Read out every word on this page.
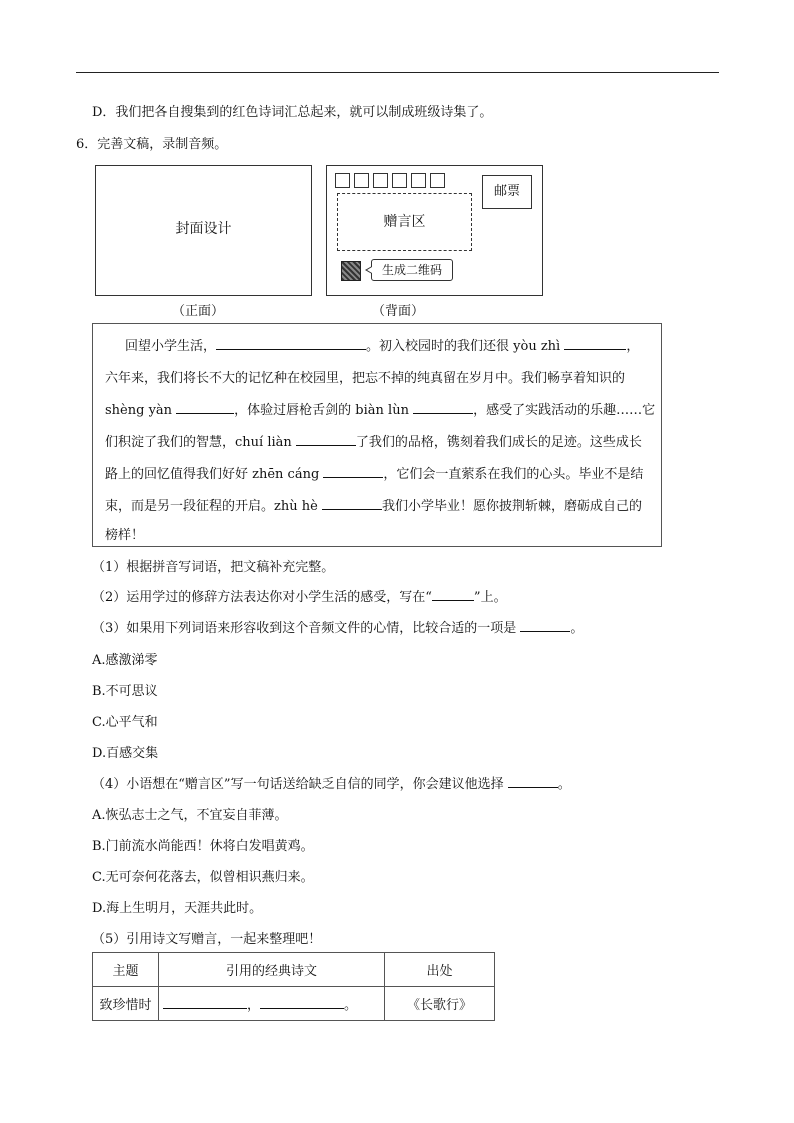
D．我们把各自搜集到的红色诗词汇总起来，就可以制成班级诗集了。
6．完善文稿，录制音频。
封面设计
（正面）
邮票
赠言区
生成二维码
（背面）
回望小学生活，	。初入校园时的我们还很 yòu zhì	，
六年来，我们将长不大的记忆种在校园里，把忘不掉的纯真留在岁月中。我们畅享着知识的
shèng yàn	，体验过唇枪舌剑的 biàn lùn	，感受了实践活动的乐趣……它
们积淀了我们的智慧，chuí liàn	了我们的品格，镌刻着我们成长的足迹。这些成长
路上的回忆值得我们好好 zhēn cáng	，它们会一直萦系在我们的心头。毕业不是结
束，而是另一段征程的开启。zhù hè	我们小学毕业！愿你披荆斩棘，磨砺成自己的
榜样！
（1）根据拼音写词语，把文稿补充完整。
（2）运用学过的修辞方法表达你对小学生活的感受，写在“	”上。
（3）如果用下列词语来形容收到这个音频文件的心情，比较合适的一项是	。
A.感激涕零
B.不可思议
C.心平气和
D.百感交集
（4）小语想在“赠言区”写一句话送给缺乏自信的同学，你会建议他选择	。
A.恢弘志士之气，不宜妄自菲薄。
B.门前流水尚能西！休将白发唱黄鸡。
C.无可奈何花落去，似曾相识燕归来。
D.海上生明月，天涯共此时。
（5）引用诗文写赠言，一起来整理吧！
主题	引用的经典诗文	出处
致珍惜时	， 。	《长歌行》
